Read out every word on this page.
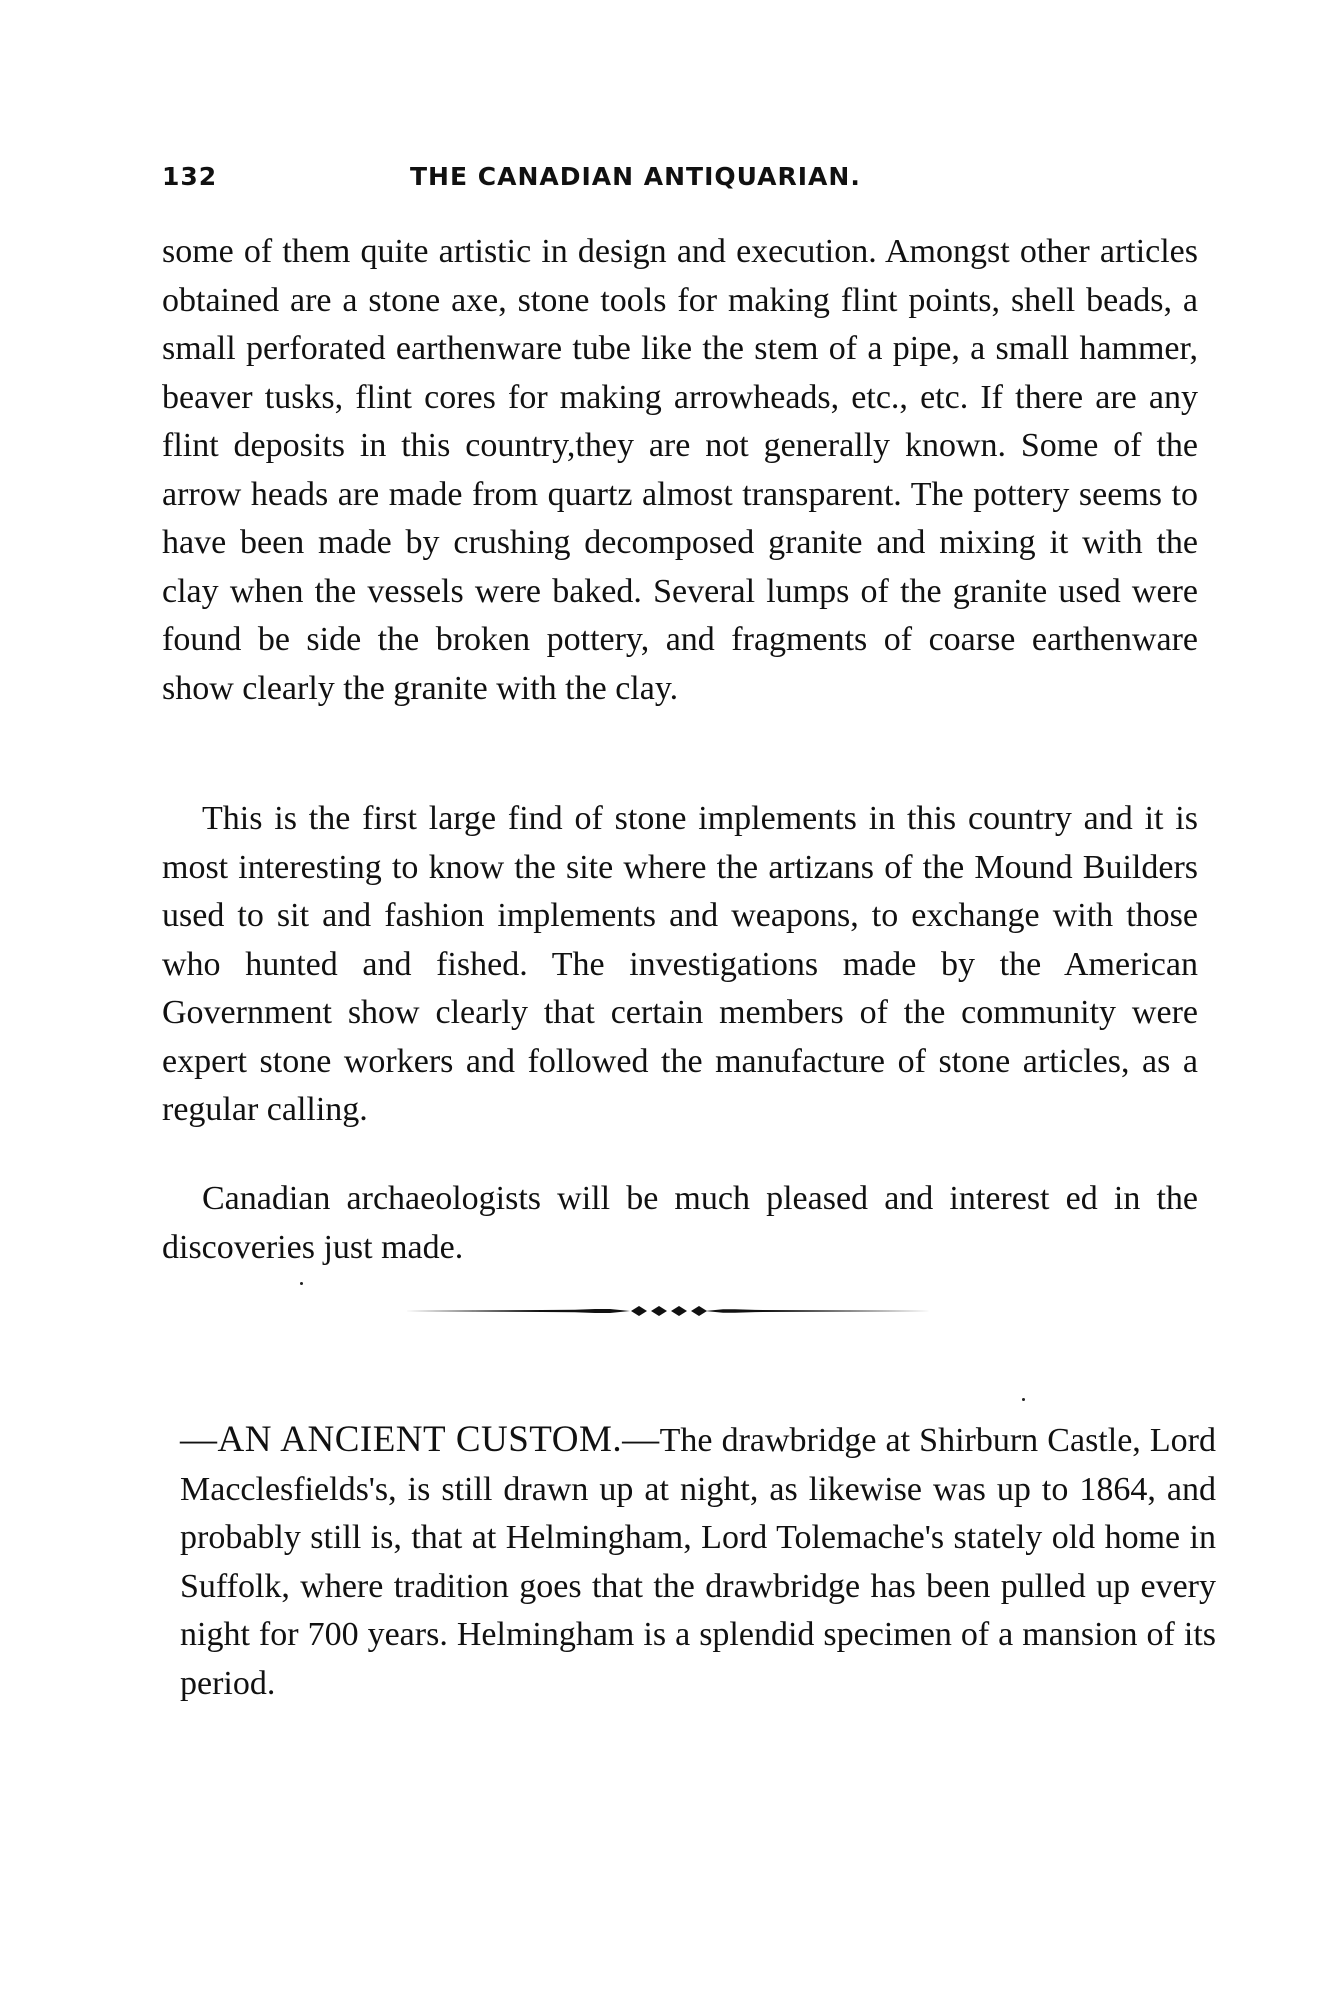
132	THE CANADIAN ANTIQUARIAN.

some of them quite artistic in design and execution. Amongst other articles obtained are a stone axe, stone tools for making flint points, shell beads, a small perforated earthenware tube like the stem of a pipe, a small hammer, beaver tusks, flint cores for making arrowheads, etc., etc. If there are any flint deposits in this country,they are not generally known. Some of the arrow heads are made from quartz almost transparent. The pottery seems to have been made by crushing decomposed granite and mixing it with the clay when the vessels were baked. Several lumps of the granite used were found be side the broken pottery, and fragments of coarse earthenware show clearly the granite with the clay.

This is the first large find of stone implements in this country and it is most interesting to know the site where the artizans of the Mound Builders used to sit and fashion implements and weapons, to exchange with those who hunted and fished. The investigations made by the American Government show clearly that certain members of the community were expert stone workers and followed the manufacture of stone articles, as a regular calling.

Canadian archaeologists will be much pleased and interest ed in the discoveries just made.

—AN ANCIENT CUSTOM.—The drawbridge at Shirburn Castle, Lord Macclesfields's, is still drawn up at night, as likewise was up to 1864, and probably still is, that at Helmingham, Lord Tolemache's stately old home in Suffolk, where tradition goes that the drawbridge has been pulled up every night for 700 years. Helmingham is a splendid specimen of a mansion of its period.
